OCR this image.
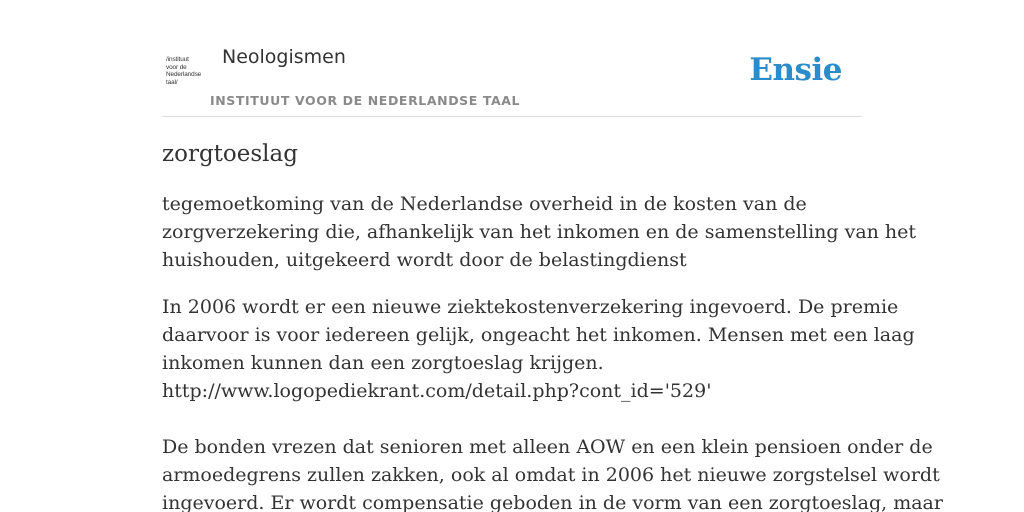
/instituut
voor de
Nederlandse
taal/
Neologismen
INSTITUUT VOOR DE NEDERLANDSE TAAL
Ensie
zorgtoeslag

tegemoetkoming van de Nederlandse overheid in de kosten van de
zorgverzekering die, afhankelijk van het inkomen en de samenstelling van het
huishouden, uitgekeerd wordt door de belastingdienst

In 2006 wordt er een nieuwe ziektekostenverzekering ingevoerd. De premie
daarvoor is voor iedereen gelijk, ongeacht het inkomen. Mensen met een laag
inkomen kunnen dan een zorgtoeslag krijgen.
http://www.logopediekrant.com/detail.php?cont_id='529'
De bonden vrezen dat senioren met alleen AOW en een klein pensioen onder de
armoedegrens zullen zakken, ook al omdat in 2006 het nieuwe zorgstelsel wordt
ingevoerd. Er wordt compensatie geboden in de vorm van een zorgtoeslag, maar
